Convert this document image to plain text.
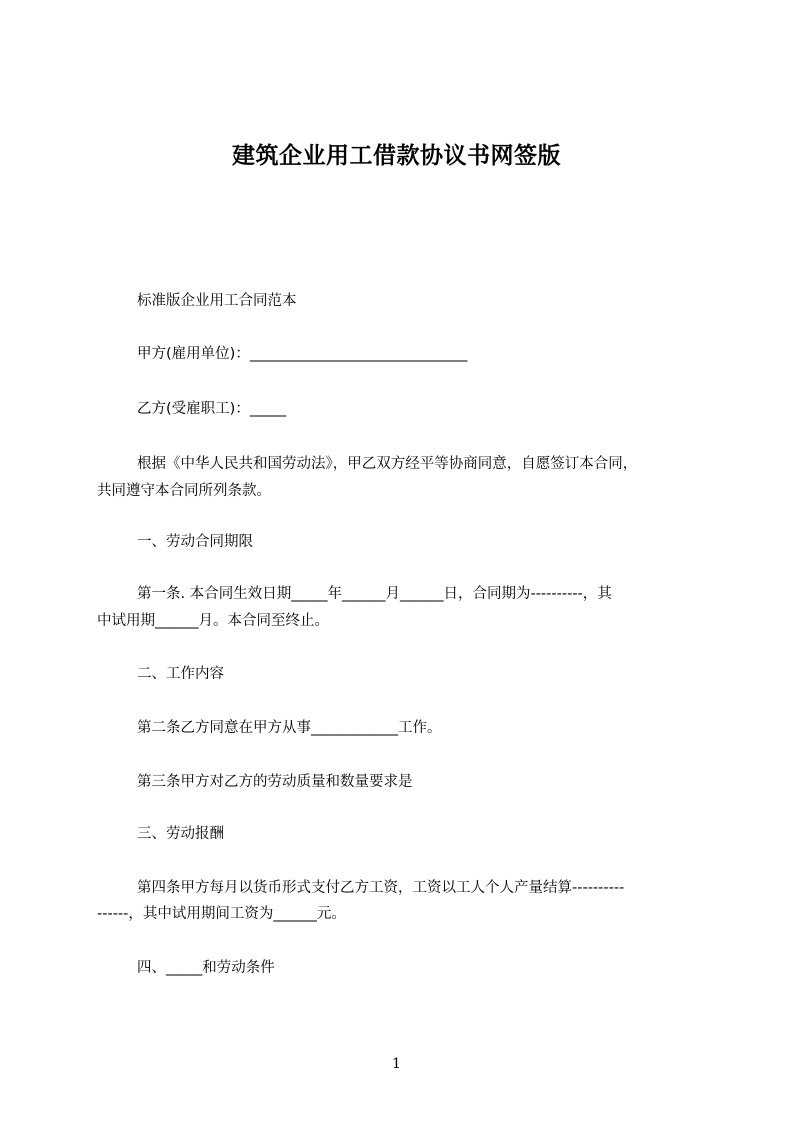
建筑企业用工借款协议书网签版
标准版企业用工合同范本
甲方(雇用单位)：______________________________
乙方(受雇职工)：_____
根据《中华人民共和国劳动法》，甲乙双方经平等协商同意，自愿签订本合同，
共同遵守本合同所列条款。
一、劳动合同期限
第一条. 本合同生效日期_____年______月______日，合同期为----------，其
中试用期______月。本合同至终止。
二、工作内容
第二条乙方同意在甲方从事____________工作。
第三条甲方对乙方的劳动质量和数量要求是
三、劳动报酬
第四条甲方每月以货币形式支付乙方工资，工资以工人个人产量结算----------
------，其中试用期间工资为______元。
四、_____和劳动条件
1
